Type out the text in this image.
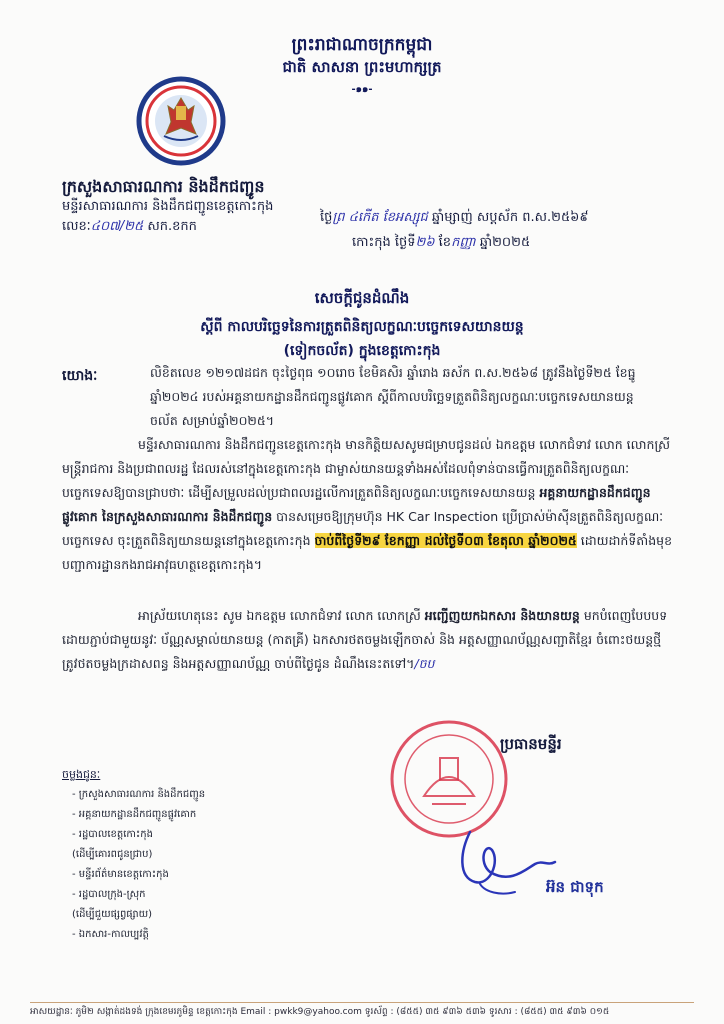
ព្រះរាជាណាចក្រកម្ពុជា
ជាតិ សាសនា ព្រះមហាក្សត្រ
-๑๑-
ក្រសួងសាធារណការ និងដឹកជញ្ជូន
មន្ទីរសាធារណការ និងដឹកជញ្ជូនខេត្តកោះកុង
លេខៈ៤០៧/២៥ សក.ខកក
ថ្ងៃព្រ ៤កើត ខែអស្សុជ ឆ្នាំម្សាញ់ សប្តស័ក ព.ស.២៥៦៩
កោះកុង ថ្ងៃទី២៦ ខែកញ្ញា ឆ្នាំ២០២៥
សេចក្តីជូនដំណឹង
ស្តីពី កាលបរិច្ឆេទនៃការត្រួតពិនិត្យលក្ខណៈបច្ចេកទេសយានយន្ត
(ទៀកចល័ត) ក្នុងខេត្តកោះកុង
យោងៈ	លិខិតលេខ ១២១៧ដជក ចុះថ្ងៃពុធ ១០រោច ខែមិគសិរ ឆ្នាំរោង ឆស័ក ព.ស.២៥៦៨ ត្រូវនឹងថ្ងៃទី២៥ ខែធ្នូ ឆ្នាំ២០២៤ របស់អគ្គនាយកដ្ឋានដឹកជញ្ជូនផ្លូវគោក ស្តីពីកាលបរិច្ឆេទត្រួតពិនិត្យលក្ខណៈបច្ចេកទេសយានយន្តចល័ត សម្រាប់ឆ្នាំ២០២៥។
មន្ទីរសាធារណការ និងដឹកជញ្ជូនខេត្តកោះកុង មានកិត្តិយសសូមជម្រាបជូនដល់ ឯកឧត្តម លោកជំទាវ លោក លោកស្រី មន្ត្រីរាជការ និងប្រជាពលរដ្ឋ ដែលរស់នៅក្នុងខេត្តកោះកុង ជាម្ចាស់យានយន្តទាំងអស់ដែលពុំទាន់បានធ្វើការត្រួតពិនិត្យលក្ខណៈបច្ចេកទេសឱ្យបានជ្រាបថាៈ ដើម្បីសម្រួលដល់ប្រជាពលរដ្ឋលើការត្រួតពិនិត្យលក្ខណៈបច្ចេកទេសយានយន្ត អគ្គនាយកដ្ឋានដឹកជញ្ជូនផ្លូវគោក នៃក្រសួងសាធារណការ និងដឹកជញ្ជូន បានសម្រេចឱ្យក្រុមហ៊ុន HK Car Inspection ប្រើប្រាស់ម៉ាស៊ីនត្រួតពិនិត្យលក្ខណៈបច្ចេកទេស ចុះត្រួតពិនិត្យយានយន្តនៅក្នុងខេត្តកោះកុង ចាប់ពីថ្ងៃទី២៩ ខែកញ្ញា ដល់ថ្ងៃទី០៣ ខែតុលា ឆ្នាំ២០២៥ ដោយដាក់ទីតាំងមុខបញ្ជាការដ្ឋានកងរាជអាវុធហត្ថខេត្តកោះកុង។
អាស្រ័យហេតុនេះ សូម ឯកឧត្តម លោកជំទាវ លោក លោកស្រី អញ្ជើញយកឯកសារ និងយានយន្ត មកបំពេញបែបបទ ដោយភ្ជាប់ជាមួយនូវៈ ប័ណ្ណសម្គាល់យានយន្ត (កាតគ្រី) ឯកសារថតចម្លងឡើកចាស់ និង អត្តសញ្ញាណប័ណ្ណសញ្ជាតិខ្មែរ ចំពោះថយន្តថ្មីត្រូវថតចម្លងក្រដាសពន្ធ និងអត្តសញ្ញាណប័ណ្ណ ចាប់ពីថ្ងៃជូន ដំណឹងនេះតទៅ។/ចប
ប្រធានមន្ទីរ
អ៊ន ជាទុក
ចម្លងជូនៈ
- ក្រសួងសាធារណការ និងដឹកជញ្ជូន
- អគ្គនាយកដ្ឋានដឹកជញ្ជូនផ្លូវគោក
- រដ្ឋបាលខេត្តកោះកុង
(ដើម្បីគោរពជូនជ្រាប)
- មន្ទីរព័ត៌មានខេត្តកោះកុង
- រដ្ឋបាលក្រុង-ស្រុក
(ដើម្បីជួយផ្សព្វផ្សាយ)
- ឯកសារ-កាលប្បវត្តិ
អាសយដ្ឋានៈ ភូមិ២ សង្កាត់ដងទង់ ក្រុងខេមរភូមិន្ទ ខេត្តកោះកុង Email : pwkk9@yahoo.com ទូរស័ព្ទ : (៨៥៥) ៣៥ ៩៣៦ ៥៣៦ ទូរសារ : (៨៥៥) ៣៥ ៩៣៦ ០១៥
